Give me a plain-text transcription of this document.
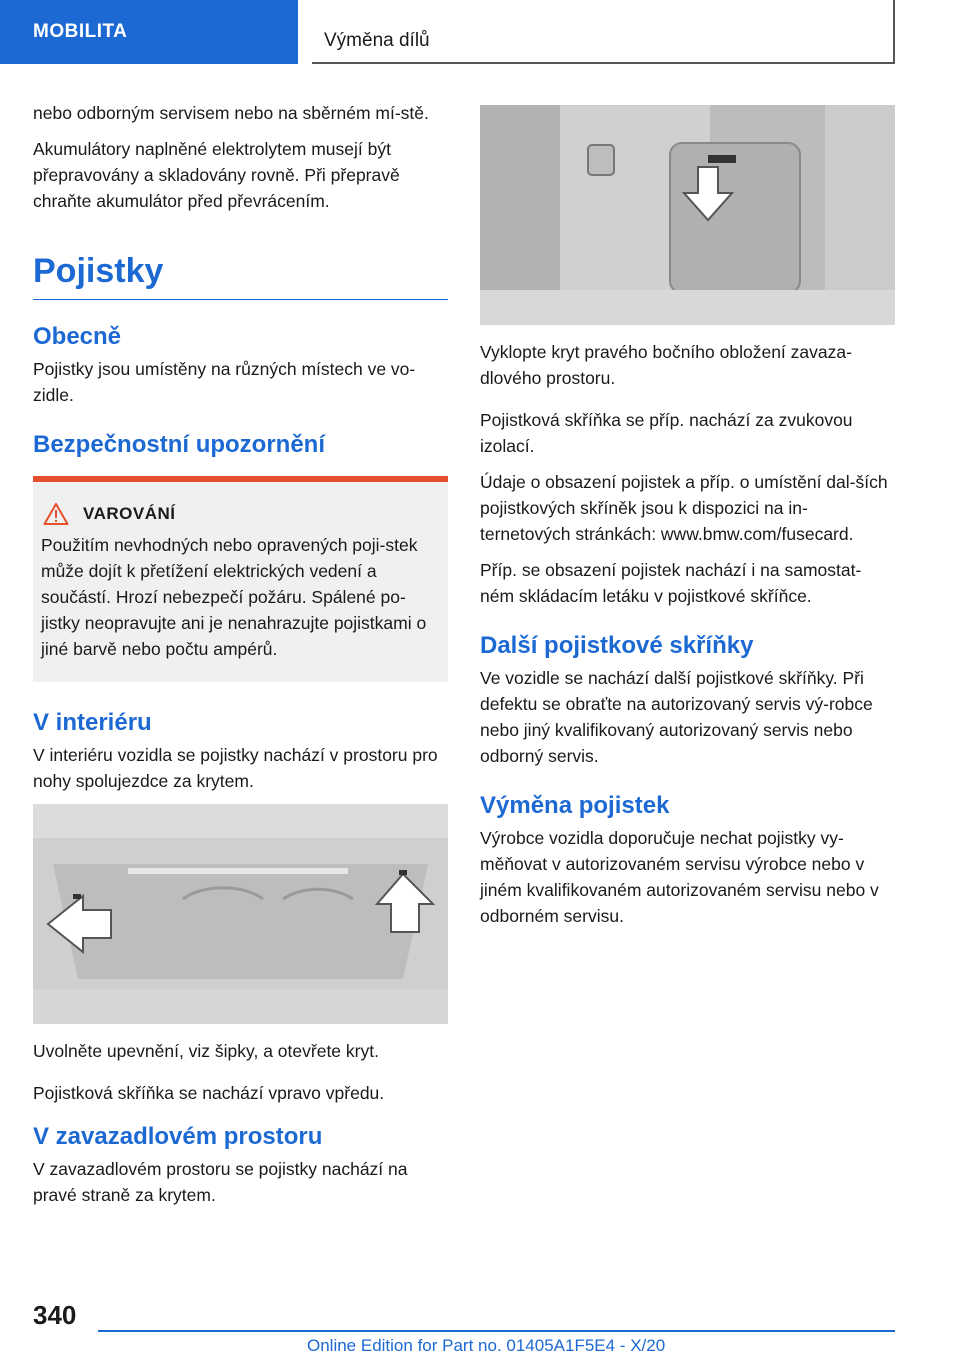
MOBILITA	Výměna dílů

nebo odborným servisem nebo na sběrném mí-stě.

Akumulátory naplněné elektrolytem musejí být přepravovány a skladovány rovně. Při přepravě chraňte akumulátor před převrácením.

Pojistky
Obecně

Pojistky jsou umístěny na různých místech ve vo-zidle.

Bezpečnostní upozornění
VAROVÁNÍ

Použitím nevhodných nebo opravených poji-stek může dojít k přetížení elektrických vedení a součástí. Hrozí nebezpečí požáru. Spálené po-jistky neopravujte ani je nenahrazujte pojistkami o jiné barvě nebo počtu ampérů.

V interiéru

V interiéru vozidla se pojistky nachází v prostoru pro nohy spolujezdce za krytem.

Uvolněte upevnění, viz šipky, a otevřete kryt.

Pojistková skříňka se nachází vpravo vpředu.

V zavazadlovém prostoru

V zavazadlovém prostoru se pojistky nachází na pravé straně za krytem.

Vyklopte kryt pravého bočního obložení zavaza-dlového prostoru.

Pojistková skříňka se příp. nachází za zvukovou izolací.

Údaje o obsazení pojistek a příp. o umístění dal-ších pojistkových skříněk jsou k dispozici na in-ternetových stránkách: www.bmw.com/fusecard.

Příp. se obsazení pojistek nachází i na samostat-ném skládacím letáku v pojistkové skříňce.

Další pojistkové skříňky

Ve vozidle se nachází další pojistkové skříňky. Při defektu se obraťte na autorizovaný servis vý-robce nebo jiný kvalifikovaný autorizovaný servis nebo odborný servis.

Výměna pojistek

Výrobce vozidla doporučuje nechat pojistky vy-měňovat v autorizovaném servisu výrobce nebo v jiném kvalifikovaném autorizovaném servisu nebo v odborném servisu.

340
Online Edition for Part no. 01405A1F5E4 - X/20
